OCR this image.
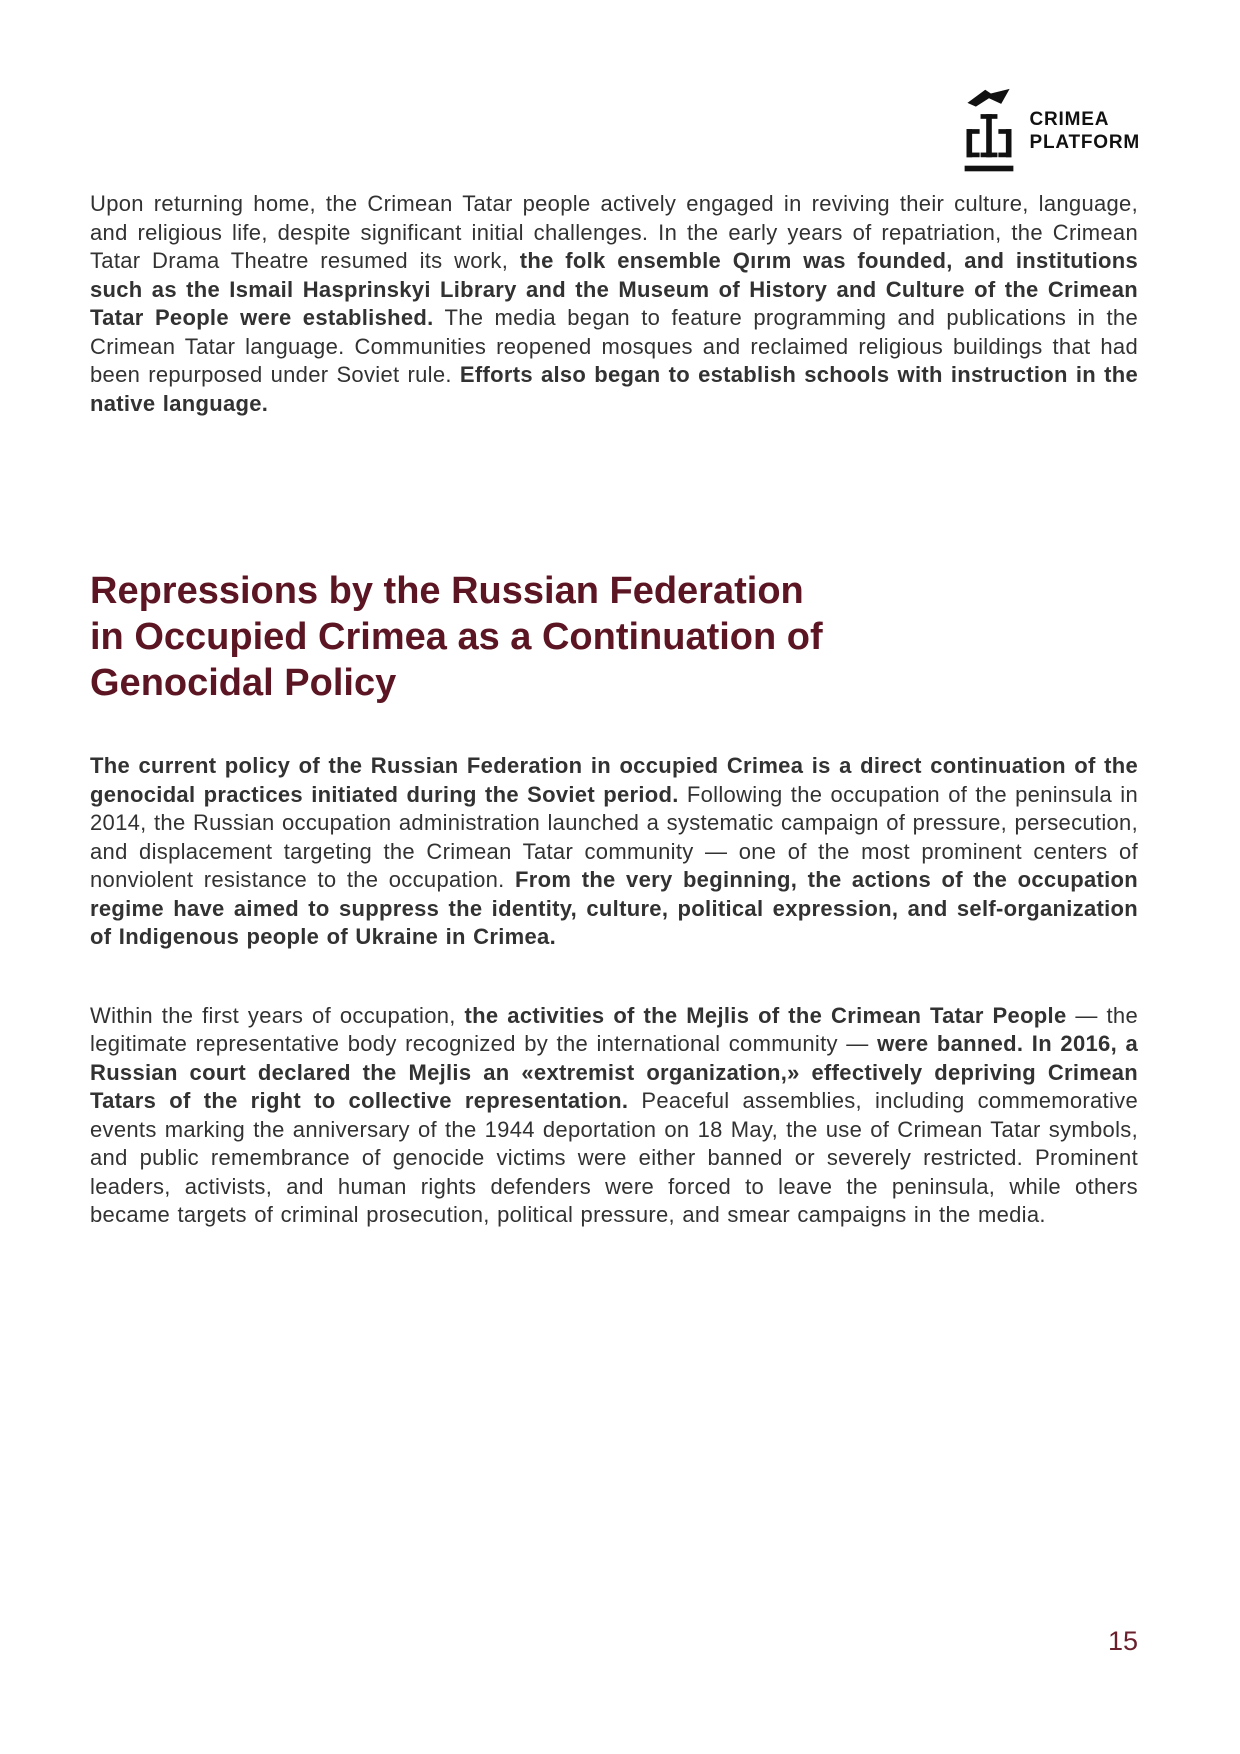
CRIMEA
PLATFORM

Upon returning home, the Crimean Tatar people actively engaged in reviving their culture, language, and religious life, despite significant initial challenges. In the early years of repatriation, the Crimean Tatar Drama Theatre resumed its work, the folk ensemble Qırım was founded, and institutions such as the Ismail Hasprinskyi Library and the Museum of History and Culture of the Crimean Tatar People were established. The media began to feature programming and publications in the Crimean Tatar language. Communities reopened mosques and reclaimed religious buildings that had been repurposed under Soviet rule. Efforts also began to establish schools with instruction in the native language.

Repressions by the Russian Federation
in Occupied Crimea as a Continuation of
Genocidal Policy

The current policy of the Russian Federation in occupied Crimea is a direct continuation of the genocidal practices initiated during the Soviet period. Following the occupation of the peninsula in 2014, the Russian occupation administration launched a systematic campaign of pressure, persecution, and displacement targeting the Crimean Tatar community — one of the most prominent centers of nonviolent resistance to the occupation. From the very beginning, the actions of the occupation regime have aimed to suppress the identity, culture, political expression, and self-organization of Indigenous people of Ukraine in Crimea.

Within the first years of occupation, the activities of the Mejlis of the Crimean Tatar People — the legitimate representative body recognized by the international community — were banned. In 2016, a Russian court declared the Mejlis an «extremist organization,» effectively depriving Crimean Tatars of the right to collective representation. Peaceful assemblies, including commemorative events marking the anniversary of the 1944 deportation on 18 May, the use of Crimean Tatar symbols, and public remembrance of genocide victims were either banned or severely restricted. Prominent leaders, activists, and human rights defenders were forced to leave the peninsula, while others became targets of criminal prosecution, political pressure, and smear campaigns in the media.

15
